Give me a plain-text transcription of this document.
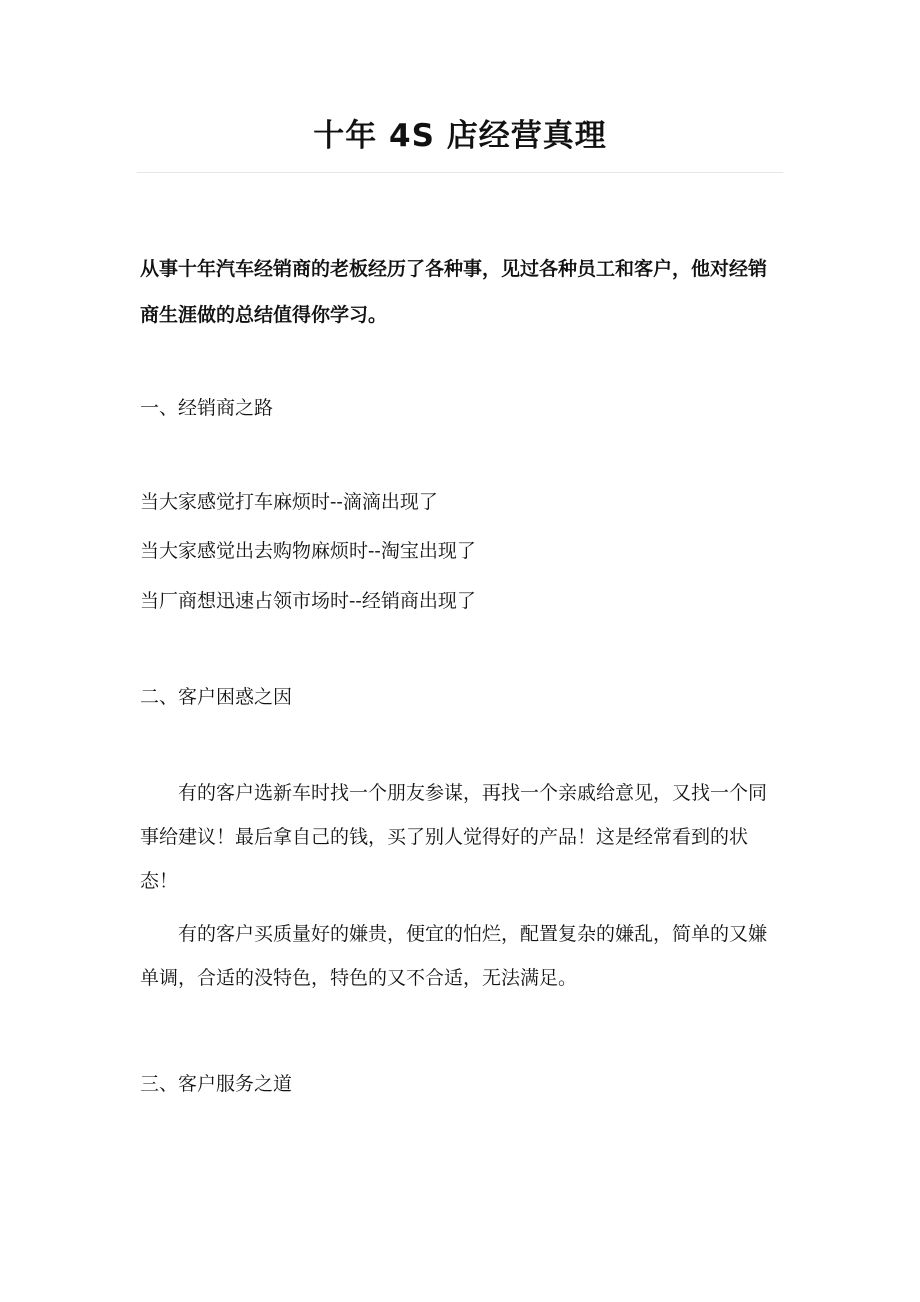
十年 4S 店经营真理

从事十年汽车经销商的老板经历了各种事，见过各种员工和客户，他对经销商生涯做的总结值得你学习。

一、经销商之路

当大家感觉打车麻烦时--滴滴出现了

当大家感觉出去购物麻烦时--淘宝出现了

当厂商想迅速占领市场时--经销商出现了

二、客户困惑之因

有的客户选新车时找一个朋友参谋，再找一个亲戚给意见，又找一个同事给建议！最后拿自己的钱，买了别人觉得好的产品！这是经常看到的状态！

有的客户买质量好的嫌贵，便宜的怕烂，配置复杂的嫌乱，简单的又嫌单调，合适的没特色，特色的又不合适，无法满足。

三、客户服务之道
